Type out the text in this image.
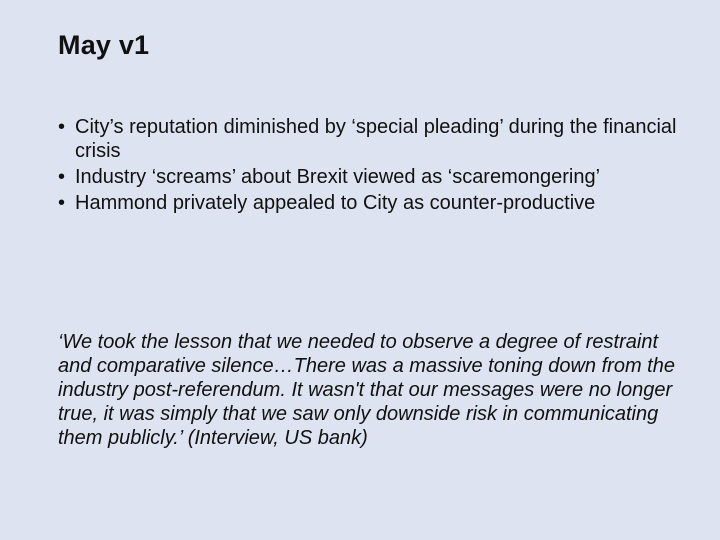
May v1
• City’s reputation diminished by ‘special pleading’ during the financial crisis
• Industry ‘screams’ about Brexit viewed as ‘scaremongering’
• Hammond privately appealed to City as counter-productive
‘We took the lesson that we needed to observe a degree of restraint and comparative silence…There was a massive toning down from the industry post-referendum. It wasn't that our messages were no longer true, it was simply that we saw only downside risk in communicating them publicly.’ (Interview, US bank)
